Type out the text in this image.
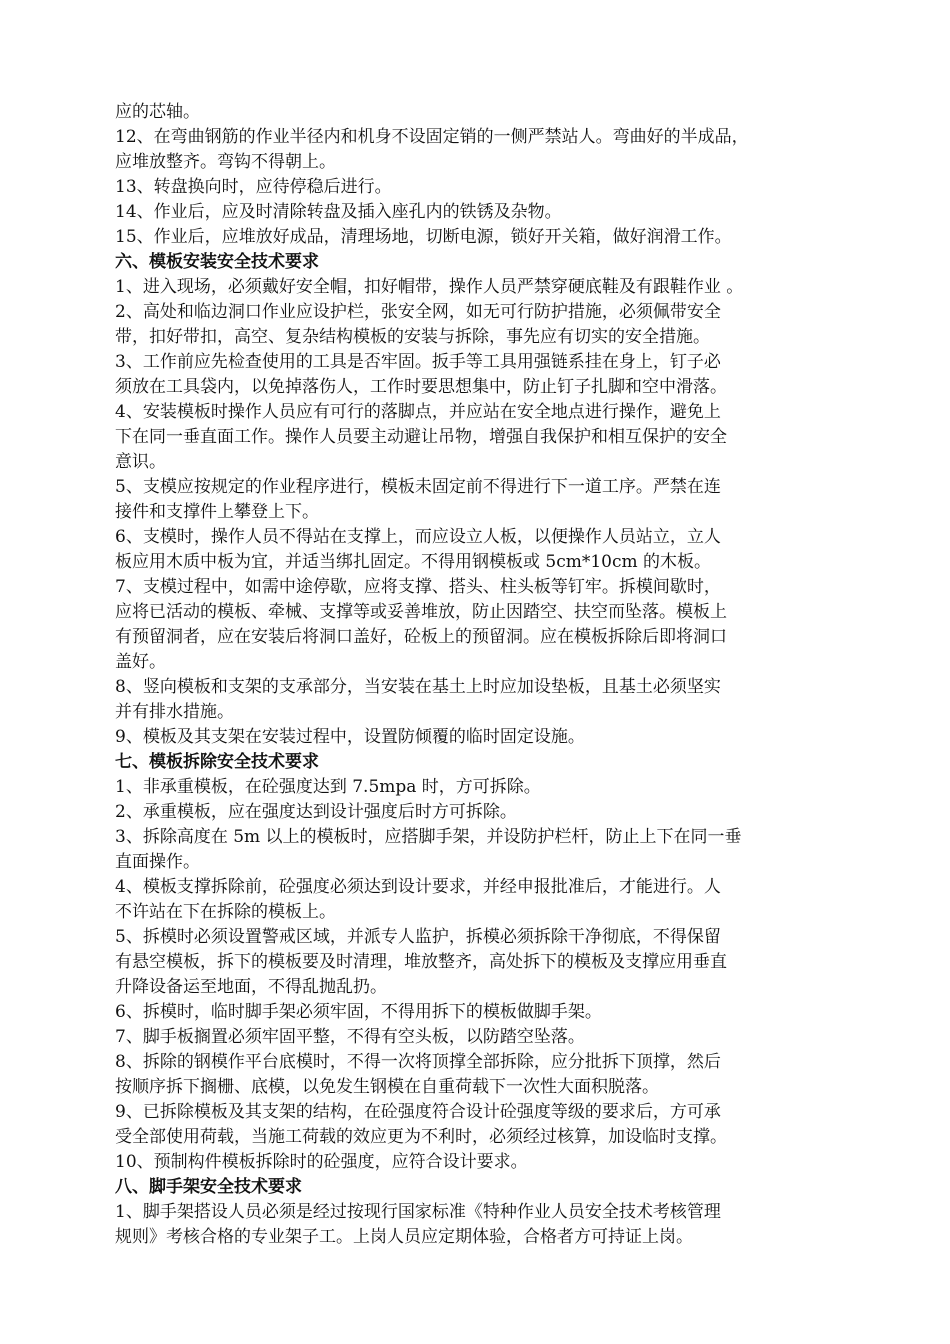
应的芯轴。
12、在弯曲钢筋的作业半径内和机身不设固定销的一侧严禁站人。弯曲好的半成品，
应堆放整齐。弯钩不得朝上。
13、转盘换向时，应待停稳后进行。
14、作业后，应及时清除转盘及插入座孔内的铁锈及杂物。
15、作业后，应堆放好成品，清理场地，切断电源，锁好开关箱，做好润滑工作。
六、模板安装安全技术要求
1、进入现场，必须戴好安全帽，扣好帽带，操作人员严禁穿硬底鞋及有跟鞋作业 。
2、高处和临边洞口作业应设护栏，张安全网，如无可行防护措施，必须佩带安全
带，扣好带扣，高空、复杂结构模板的安装与拆除，事先应有切实的安全措施。
3、工作前应先检查使用的工具是否牢固。扳手等工具用强链系挂在身上，钉子必
须放在工具袋内，以免掉落伤人，工作时要思想集中，防止钉子扎脚和空中滑落。
4、安装模板时操作人员应有可行的落脚点，并应站在安全地点进行操作，避免上
下在同一垂直面工作。操作人员要主动避让吊物，增强自我保护和相互保护的安全
意识。
5、支模应按规定的作业程序进行，模板未固定前不得进行下一道工序。严禁在连
接件和支撑件上攀登上下。
6、支模时，操作人员不得站在支撑上，而应设立人板，以便操作人员站立，立人
板应用木质中板为宜，并适当绑扎固定。不得用钢模板或 5cm*10cm 的木板。
7、支模过程中，如需中途停歇，应将支撑、搭头、柱头板等钉牢。拆模间歇时，
应将已活动的模板、牵械、支撑等或妥善堆放，防止因踏空、扶空而坠落。模板上
有预留洞者，应在安装后将洞口盖好，砼板上的预留洞。应在模板拆除后即将洞口
盖好。
8、竖向模板和支架的支承部分，当安装在基土上时应加设垫板，且基土必须坚实
并有排水措施。
9、模板及其支架在安装过程中，设置防倾覆的临时固定设施。
七、模板拆除安全技术要求
1、非承重模板，在砼强度达到 7.5mpa 时，方可拆除。
2、承重模板，应在强度达到设计强度后时方可拆除。
3、拆除高度在 5m 以上的模板时，应搭脚手架，并设防护栏杆，防止上下在同一垂
直面操作。
4、模板支撑拆除前，砼强度必须达到设计要求，并经申报批准后，才能进行。人
不许站在下在拆除的模板上。
5、拆模时必须设置警戒区域，并派专人监护，拆模必须拆除干净彻底，不得保留
有悬空模板，拆下的模板要及时清理，堆放整齐，高处拆下的模板及支撑应用垂直
升降设备运至地面，不得乱抛乱扔。
6、拆模时，临时脚手架必须牢固，不得用拆下的模板做脚手架。
7、脚手板搁置必须牢固平整，不得有空头板，以防踏空坠落。
8、拆除的钢模作平台底模时，不得一次将顶撑全部拆除，应分批拆下顶撑，然后
按顺序拆下搁栅、底模，以免发生钢模在自重荷载下一次性大面积脱落。
9、已拆除模板及其支架的结构，在砼强度符合设计砼强度等级的要求后，方可承
受全部使用荷载，当施工荷载的效应更为不利时，必须经过核算，加设临时支撑。
10、预制构件模板拆除时的砼强度，应符合设计要求。
八、脚手架安全技术要求
1、脚手架搭设人员必须是经过按现行国家标准《特种作业人员安全技术考核管理
规则》考核合格的专业架子工。上岗人员应定期体验，合格者方可持证上岗。
